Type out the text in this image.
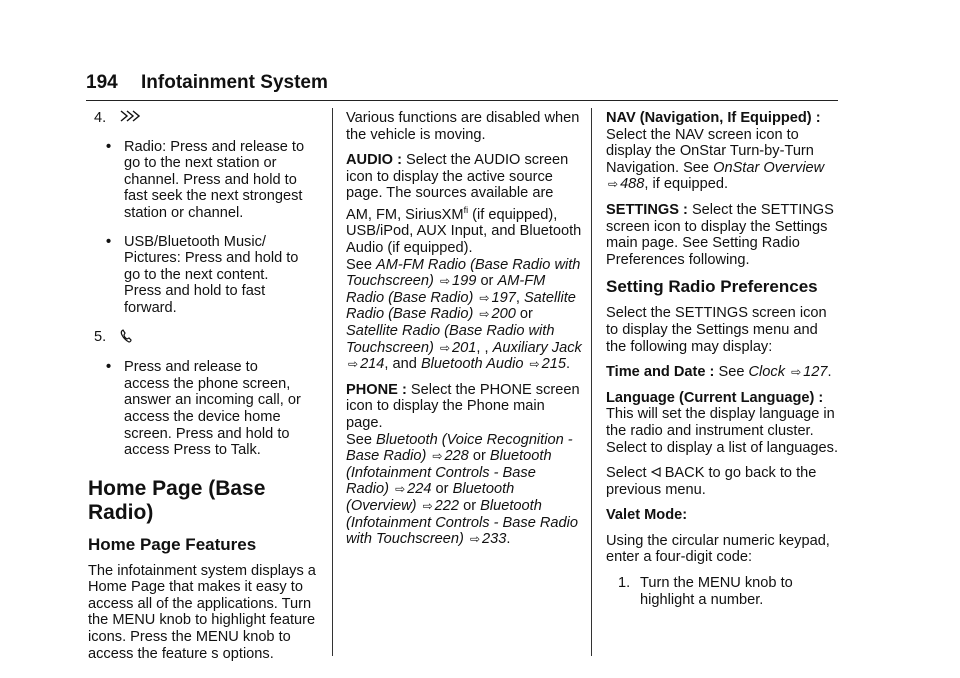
194 Infotainment System
4.
• Radio: Press and release to go to the next station or channel. Press and hold to fast seek the next strongest station or channel.
• USB/Bluetooth Music/ Pictures: Press and hold to go to the next content. Press and hold to fast forward.
5.
• Press and release to access the phone screen, answer an incoming call, or access the device home screen. Press and hold to access Press to Talk.
Home Page (Base Radio)
Home Page Features

The infotainment system displays a Home Page that makes it easy to access all of the applications. Turn the MENU knob to highlight feature icons. Press the MENU knob to access the feature s options.

Various functions are disabled when the vehicle is moving.

AUDIO : Select the AUDIO screen icon to display the active source page. The sources available are AM, FM, SiriusXM$^{fi}$ (if equipped), USB/iPod, AUX Input, and Bluetooth Audio (if equipped).
See AM-FM Radio (Base Radio with Touchscreen) ⇨ 199 or AM-FM Radio (Base Radio) ⇨ 197, Satellite Radio (Base Radio) ⇨ 200 or Satellite Radio (Base Radio with Touchscreen) ⇨ 201, , Auxiliary Jack ⇨ 214, and Bluetooth Audio ⇨ 215.

PHONE : Select the PHONE screen icon to display the Phone main page.
See Bluetooth (Voice Recognition - Base Radio) ⇨ 228 or Bluetooth (Infotainment Controls - Base Radio) ⇨ 224 or Bluetooth (Overview) ⇨ 222 or Bluetooth (Infotainment Controls - Base Radio with Touchscreen) ⇨ 233.

NAV (Navigation, If Equipped) : Select the NAV screen icon to display the OnStar Turn-by-Turn Navigation. See OnStar Overview ⇨ 488, if equipped.

SETTINGS : Select the SETTINGS screen icon to display the Settings main page. See Setting Radio Preferences following.

Setting Radio Preferences

Select the SETTINGS screen icon to display the Settings menu and the following may display:

Time and Date : See Clock ⇨ 127.

Language (Current Language) :
This will set the display language in the radio and instrument cluster. Select to display a list of languages.

Select BACK to go back to the previous menu.

Valet Mode:

Using the circular numeric keypad, enter a four-digit code:

1. Turn the MENU knob to highlight a number.
